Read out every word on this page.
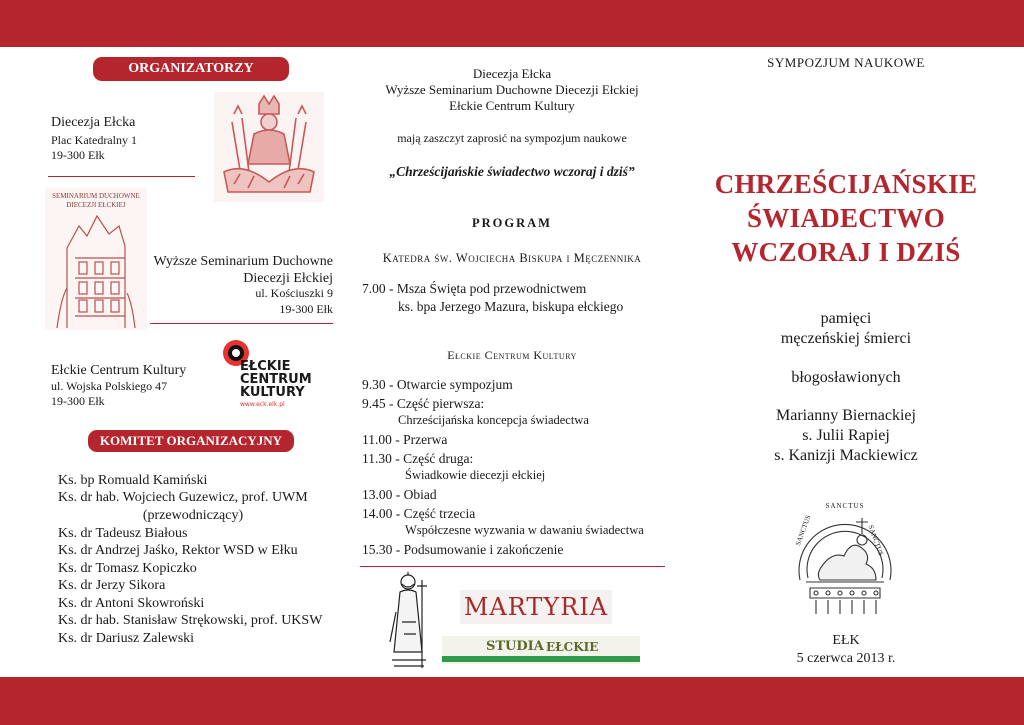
ORGANIZATORZY
Diecezja Ełcka
Plac Katedralny 1
19-300 Ełk
SEMINARIUM DUCHOWNE
DIECEZJI EŁCKIEJ
Wyższe Seminarium Duchowne
Diecezji Ełckiej
ul. Kościuszki 9
19-300 Ełk
Ełckie Centrum Kultury
ul. Wojska Polskiego 47
19-300 Ełk
EŁCKIE
CENTRUM
KULTURY
www.eck.elk.pl
KOMITET ORGANIZACYJNY
Ks. bp Romuald Kamiński
Ks. dr hab. Wojciech Guzewicz, prof. UWM
(przewodniczący)
Ks. dr Tadeusz Białous
Ks. dr Andrzej Jaśko, Rektor WSD w Ełku
Ks. dr Tomasz Kopiczko
Ks. dr Jerzy Sikora
Ks. dr Antoni Skowroński
Ks. dr hab. Stanisław Strękowski, prof. UKSW
Ks. dr Dariusz Zalewski
Diecezja Ełcka
Wyższe Seminarium Duchowne Diecezji Ełckiej
Ełckie Centrum Kultury
mają zaszczyt zaprosić na sympozjum naukowe
„Chrześcijańskie świadectwo wczoraj i dziś”
PROGRAM
Katedra św. Wojciecha Biskupa i Męczennika
7.00 - Msza Święta pod przewodnictwem
ks. bpa Jerzego Mazura, biskupa ełckiego
Ełckie Centrum Kultury
9.30 - Otwarcie sympozjum
9.45 - Część pierwsza:
Chrześcijańska koncepcja świadectwa
11.00 - Przerwa
11.30 - Część druga:
Świadkowie diecezji ełckiej
13.00 - Obiad
14.00 - Część trzecia
Współczesne wyzwania w dawaniu świadectwa
15.30 - Podsumowanie i zakończenie
MARTYRIA
STUDIA EŁCKIE
SYMPOZJUM NAUKOWE
CHRZEŚCIJAŃSKIE
ŚWIADECTWO
WCZORAJ I DZIŚ
pamięci
męczeńskiej śmierci
błogosławionych
Marianny Biernackiej
s. Julii Rapiej
s. Kanizji Mackiewicz
SANCTUS
SANCTUS	SANCTUS
EŁK
5 czerwca 2013 r.
